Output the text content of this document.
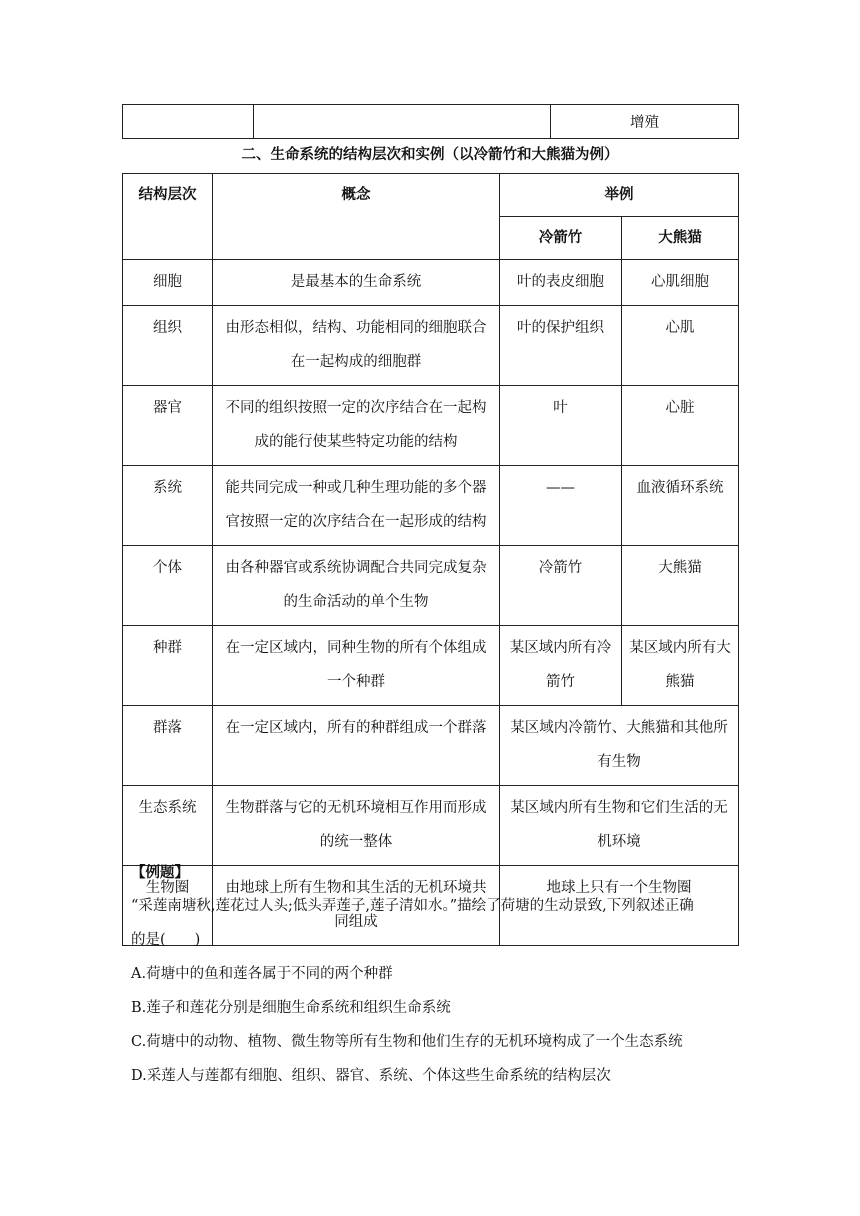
		增殖
二、生命系统的结构层次和实例（以冷箭竹和大熊猫为例）
结构层次	概念	举例	
		冷箭竹	大熊猫
细胞	是最基本的生命系统	叶的表皮细胞	心肌细胞
组织	由形态相似，结构、功能相同的细胞联合在一起构成的细胞群	叶的保护组织	心肌
器官	不同的组织按照一定的次序结合在一起构成的能行使某些特定功能的结构	叶	心脏
系统	能共同完成一种或几种生理功能的多个器官按照一定的次序结合在一起形成的结构	——	血液循环系统
个体	由各种器官或系统协调配合共同完成复杂的生命活动的单个生物	冷箭竹	大熊猫
种群	在一定区域内，同种生物的所有个体组成一个种群	某区域内所有冷箭竹	某区域内所有大熊猫
群落	在一定区域内，所有的种群组成一个群落	某区域内冷箭竹、大熊猫和其他所有生物	
生态系统	生物群落与它的无机环境相互作用而形成的统一整体	某区域内所有生物和它们生活的无机环境	
生物圈	由地球上所有生物和其生活的无机环境共同组成	地球上只有一个生物圈	
【例题】
“采莲南塘秋,莲花过人头;低头弄莲子,莲子清如水。”描绘了荷塘的生动景致,下列叙述正确
的是(　　)
A.荷塘中的鱼和莲各属于不同的两个种群
B.莲子和莲花分别是细胞生命系统和组织生命系统
C.荷塘中的动物、植物、微生物等所有生物和他们生存的无机环境构成了一个生态系统
D.采莲人与莲都有细胞、组织、器官、系统、个体这些生命系统的结构层次
